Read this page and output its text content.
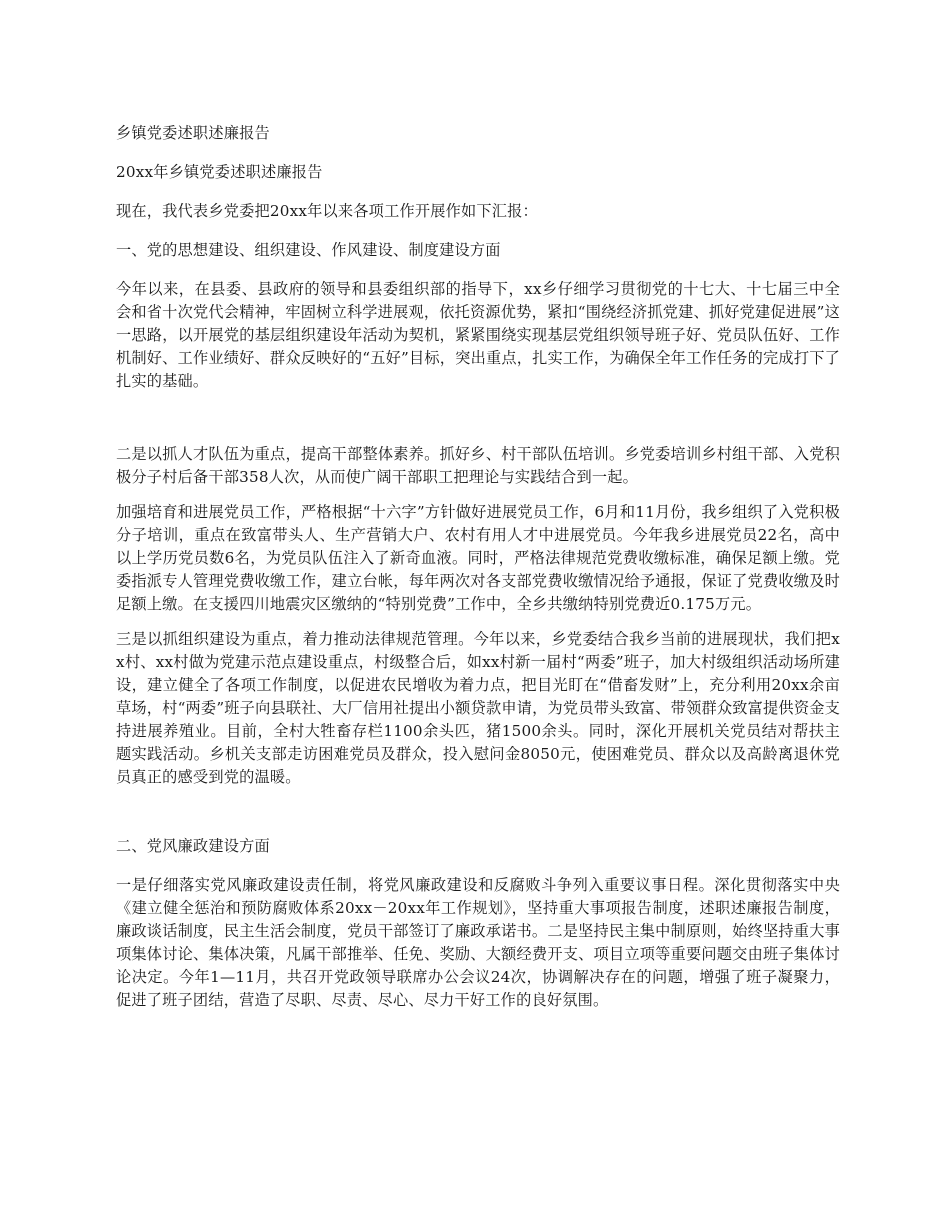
乡镇党委述职述廉报告

20xx年乡镇党委述职述廉报告

现在，我代表乡党委把20xx年以来各项工作开展作如下汇报：

一、党的思想建设、组织建设、作风建设、制度建设方面

今年以来，在县委、县政府的领导和县委组织部的指导下，xx乡仔细学习贯彻党的十七大、十七届三中全会和省十次党代会精神，牢固树立科学进展观，依托资源优势，紧扣“围绕经济抓党建、抓好党建促进展”这一思路，以开展党的基层组织建设年活动为契机，紧紧围绕实现基层党组织领导班子好、党员队伍好、工作机制好、工作业绩好、群众反映好的“五好”目标，突出重点，扎实工作，为确保全年工作任务的完成打下了扎实的基础。

二是以抓人才队伍为重点，提高干部整体素养。抓好乡、村干部队伍培训。乡党委培训乡村组干部、入党积极分子村后备干部358人次，从而使广阔干部职工把理论与实践结合到一起。

加强培育和进展党员工作，严格根据“十六字”方针做好进展党员工作，6月和11月份，我乡组织了入党积极分子培训，重点在致富带头人、生产营销大户、农村有用人才中进展党员。今年我乡进展党员22名，高中以上学历党员数6名，为党员队伍注入了新奇血液。同时，严格法律规范党费收缴标准，确保足额上缴。党委指派专人管理党费收缴工作，建立台帐，每年两次对各支部党费收缴情况给予通报，保证了党费收缴及时足额上缴。在支援四川地震灾区缴纳的“特别党费”工作中，全乡共缴纳特别党费近0.175万元。

三是以抓组织建设为重点，着力推动法律规范管理。今年以来，乡党委结合我乡当前的进展现状，我们把xx村、xx村做为党建示范点建设重点，村级整合后，如xx村新一届村“两委”班子，加大村级组织活动场所建设，建立健全了各项工作制度，以促进农民增收为着力点，把目光盯在“借畜发财”上，充分利用20xx余亩草场，村“两委”班子向县联社、大厂信用社提出小额贷款申请，为党员带头致富、带领群众致富提供资金支持进展养殖业。目前，全村大牲畜存栏1100余头匹，猪1500余头。同时，深化开展机关党员结对帮扶主题实践活动。乡机关支部走访困难党员及群众，投入慰问金8050元，使困难党员、群众以及高龄离退休党员真正的感受到党的温暖。

二、党风廉政建设方面

一是仔细落实党风廉政建设责任制，将党风廉政建设和反腐败斗争列入重要议事日程。深化贯彻落实中央《建立健全惩治和预防腐败体系20xx－20xx年工作规划》，坚持重大事项报告制度，述职述廉报告制度，廉政谈话制度，民主生活会制度，党员干部签订了廉政承诺书。二是坚持民主集中制原则，始终坚持重大事项集体讨论、集体决策，凡属干部推举、任免、奖励、大额经费开支、项目立项等重要问题交由班子集体讨论决定。今年1—11月，共召开党政领导联席办公会议24次，协调解决存在的问题，增强了班子凝聚力，促进了班子团结，营造了尽职、尽责、尽心、尽力干好工作的良好氛围。
